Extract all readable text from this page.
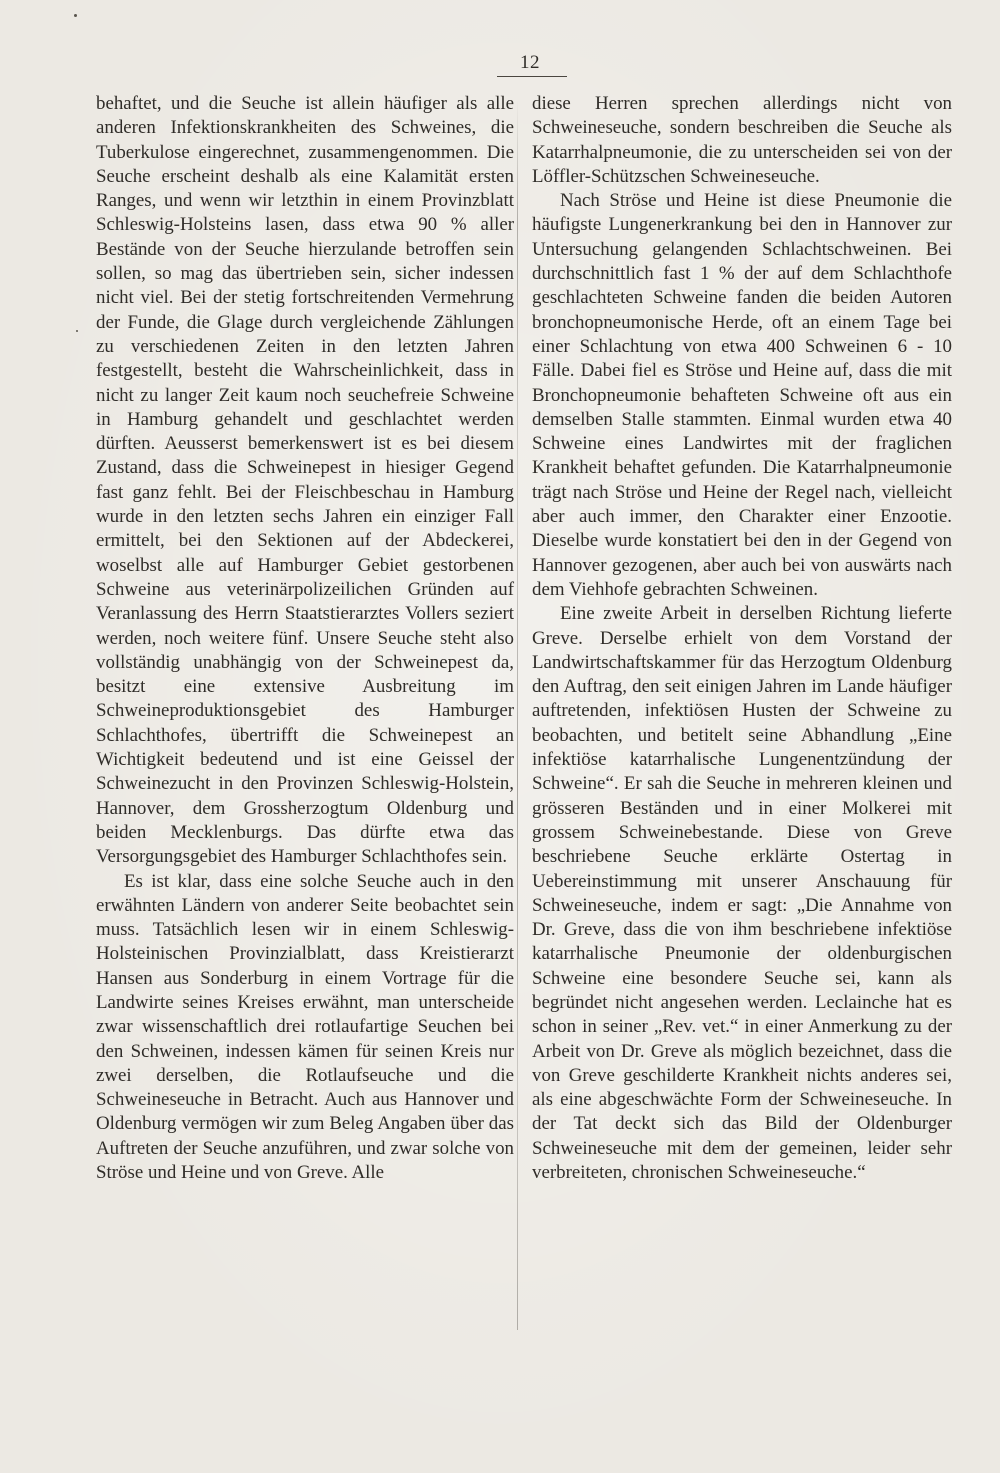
12

behaftet, und die Seuche ist allein häufiger als alle anderen Infektionskrankheiten des Schweines, die Tuberkulose eingerechnet, zusammengenommen. Die Seuche erscheint deshalb als eine Kalamität ersten Ranges, und wenn wir letzthin in einem Provinzblatt Schleswig-Holsteins lasen, dass etwa 90 % aller Bestände von der Seuche hierzulande betroffen sein sollen, so mag das übertrieben sein, sicher indessen nicht viel. Bei der stetig fortschreitenden Vermehrung der Funde, die Glage durch vergleichende Zählungen zu verschiedenen Zeiten in den letzten Jahren festgestellt, besteht die Wahrscheinlichkeit, dass in nicht zu langer Zeit kaum noch seuchefreie Schweine in Hamburg gehandelt und geschlachtet werden dürften. Aeusserst bemerkenswert ist es bei diesem Zustand, dass die Schweinepest in hiesiger Gegend fast ganz fehlt. Bei der Fleischbeschau in Hamburg wurde in den letzten sechs Jahren ein einziger Fall ermittelt, bei den Sektionen auf der Abdeckerei, woselbst alle auf Hamburger Gebiet gestorbenen Schweine aus veterinärpolizeilichen Gründen auf Veranlassung des Herrn Staatstierarztes Vollers seziert werden, noch weitere fünf. Unsere Seuche steht also vollständig unabhängig von der Schweinepest da, besitzt eine extensive Ausbreitung im Schweineproduktionsgebiet des Hamburger Schlachthofes, übertrifft die Schweinepest an Wichtigkeit bedeutend und ist eine Geissel der Schweinezucht in den Provinzen Schleswig-Holstein, Hannover, dem Grossherzogtum Oldenburg und beiden Mecklenburgs. Das dürfte etwa das Versorgungsgebiet des Hamburger Schlachthofes sein.

Es ist klar, dass eine solche Seuche auch in den erwähnten Ländern von anderer Seite beobachtet sein muss. Tatsächlich lesen wir in einem Schleswig-Holsteinischen Provinzialblatt, dass Kreistierarzt Hansen aus Sonderburg in einem Vortrage für die Landwirte seines Kreises erwähnt, man unterscheide zwar wissenschaftlich drei rotlaufartige Seuchen bei den Schweinen, indessen kämen für seinen Kreis nur zwei derselben, die Rotlaufseuche und die Schweineseuche in Betracht. Auch aus Hannover und Oldenburg vermögen wir zum Beleg Angaben über das Auftreten der Seuche anzuführen, und zwar solche von Ströse und Heine und von Greve. Alle

diese Herren sprechen allerdings nicht von Schweineseuche, sondern beschreiben die Seuche als Katarrhalpneumonie, die zu unterscheiden sei von der Löffler-Schützschen Schweineseuche.

Nach Ströse und Heine ist diese Pneumonie die häufigste Lungenerkrankung bei den in Hannover zur Untersuchung gelangenden Schlachtschweinen. Bei durchschnittlich fast 1 % der auf dem Schlachthofe geschlachteten Schweine fanden die beiden Autoren bronchopneumonische Herde, oft an einem Tage bei einer Schlachtung von etwa 400 Schweinen 6 - 10 Fälle. Dabei fiel es Ströse und Heine auf, dass die mit Bronchopneumonie behafteten Schweine oft aus ein demselben Stalle stammten. Einmal wurden etwa 40 Schweine eines Landwirtes mit der fraglichen Krankheit behaftet gefunden. Die Katarrhalpneumonie trägt nach Ströse und Heine der Regel nach, vielleicht aber auch immer, den Charakter einer Enzootie. Dieselbe wurde konstatiert bei den in der Gegend von Hannover gezogenen, aber auch bei von auswärts nach dem Viehhofe gebrachten Schweinen.

Eine zweite Arbeit in derselben Richtung lieferte Greve. Derselbe erhielt von dem Vorstand der Landwirtschaftskammer für das Herzogtum Oldenburg den Auftrag, den seit einigen Jahren im Lande häufiger auftretenden, infektiösen Husten der Schweine zu beobachten, und betitelt seine Abhandlung „Eine infektiöse katarrhalische Lungenentzündung der Schweine“. Er sah die Seuche in mehreren kleinen und grösseren Beständen und in einer Molkerei mit grossem Schweinebestande. Diese von Greve beschriebene Seuche erklärte Ostertag in Uebereinstimmung mit unserer Anschauung für Schweineseuche, indem er sagt: „Die Annahme von Dr. Greve, dass die von ihm beschriebene infektiöse katarrhalische Pneumonie der oldenburgischen Schweine eine besondere Seuche sei, kann als begründet nicht angesehen werden. Leclainche hat es schon in seiner „Rev. vet.“ in einer Anmerkung zu der Arbeit von Dr. Greve als möglich bezeichnet, dass die von Greve geschilderte Krankheit nichts anderes sei, als eine abgeschwächte Form der Schweineseuche. In der Tat deckt sich das Bild der Oldenburger Schweineseuche mit dem der gemeinen, leider sehr verbreiteten, chronischen Schweineseuche.“
